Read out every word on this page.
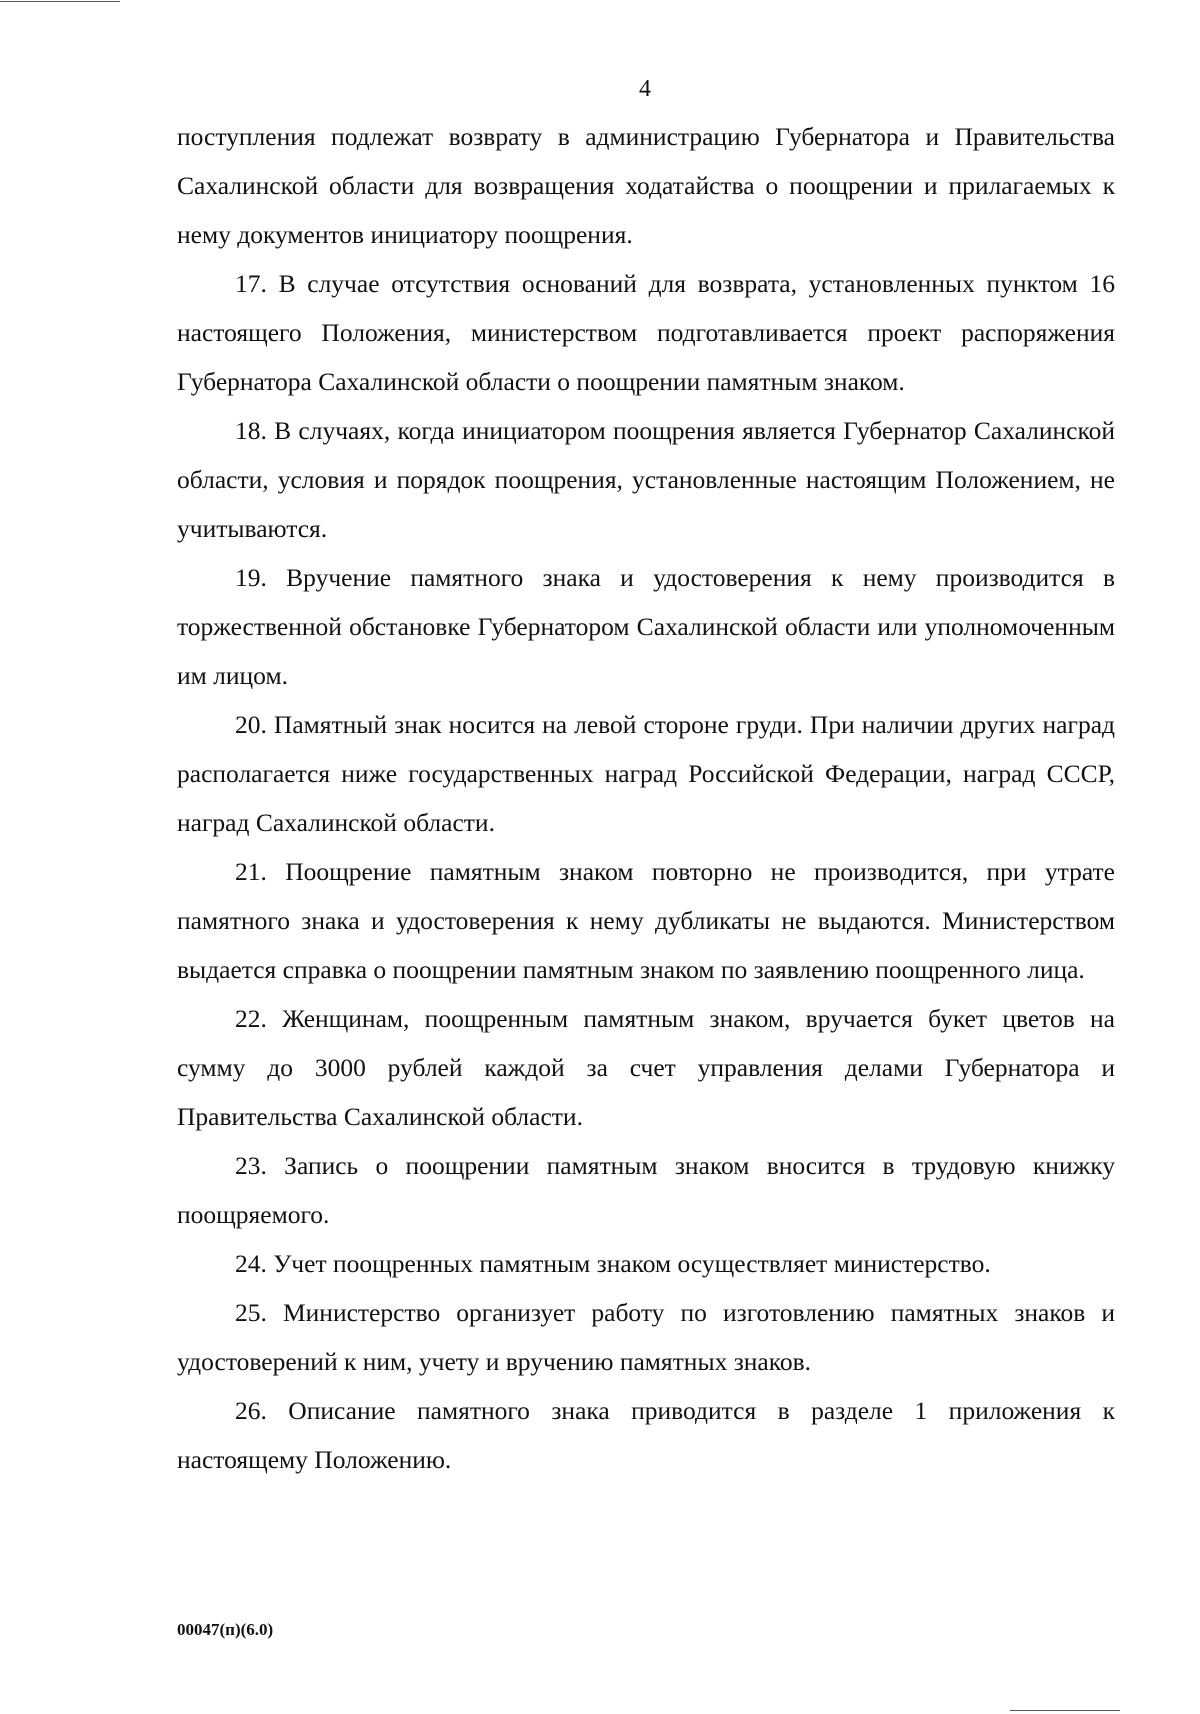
4

поступления подлежат возврату в администрацию Губернатора и Правительства Сахалинской области для возвращения ходатайства о поощрении и прилагаемых к нему документов инициатору поощрения.

17. В случае отсутствия оснований для возврата, установленных пунктом 16 настоящего Положения, министерством подготавливается проект распоряжения Губернатора Сахалинской области о поощрении памятным знаком.

18. В случаях, когда инициатором поощрения является Губернатор Сахалинской области, условия и порядок поощрения, установленные настоящим Положением, не учитываются.

19. Вручение памятного знака и удостоверения к нему производится в торжественной обстановке Губернатором Сахалинской области или уполномоченным им лицом.

20. Памятный знак носится на левой стороне груди. При наличии других наград располагается ниже государственных наград Российской Федерации, наград СССР, наград Сахалинской области.

21. Поощрение памятным знаком повторно не производится, при утрате памятного знака и удостоверения к нему дубликаты не выдаются. Министерством выдается справка о поощрении памятным знаком по заявлению поощренного лица.

22. Женщинам, поощренным памятным знаком, вручается букет цветов на сумму до 3000 рублей каждой за счет управления делами Губернатора и Правительства Сахалинской области.

23. Запись о поощрении памятным знаком вносится в трудовую книжку поощряемого.

24. Учет поощренных памятным знаком осуществляет министерство.

25. Министерство организует работу по изготовлению памятных знаков и удостоверений к ним, учету и вручению памятных знаков.

26. Описание памятного знака приводится в разделе 1 приложения к настоящему Положению.

00047(п)(6.0)
